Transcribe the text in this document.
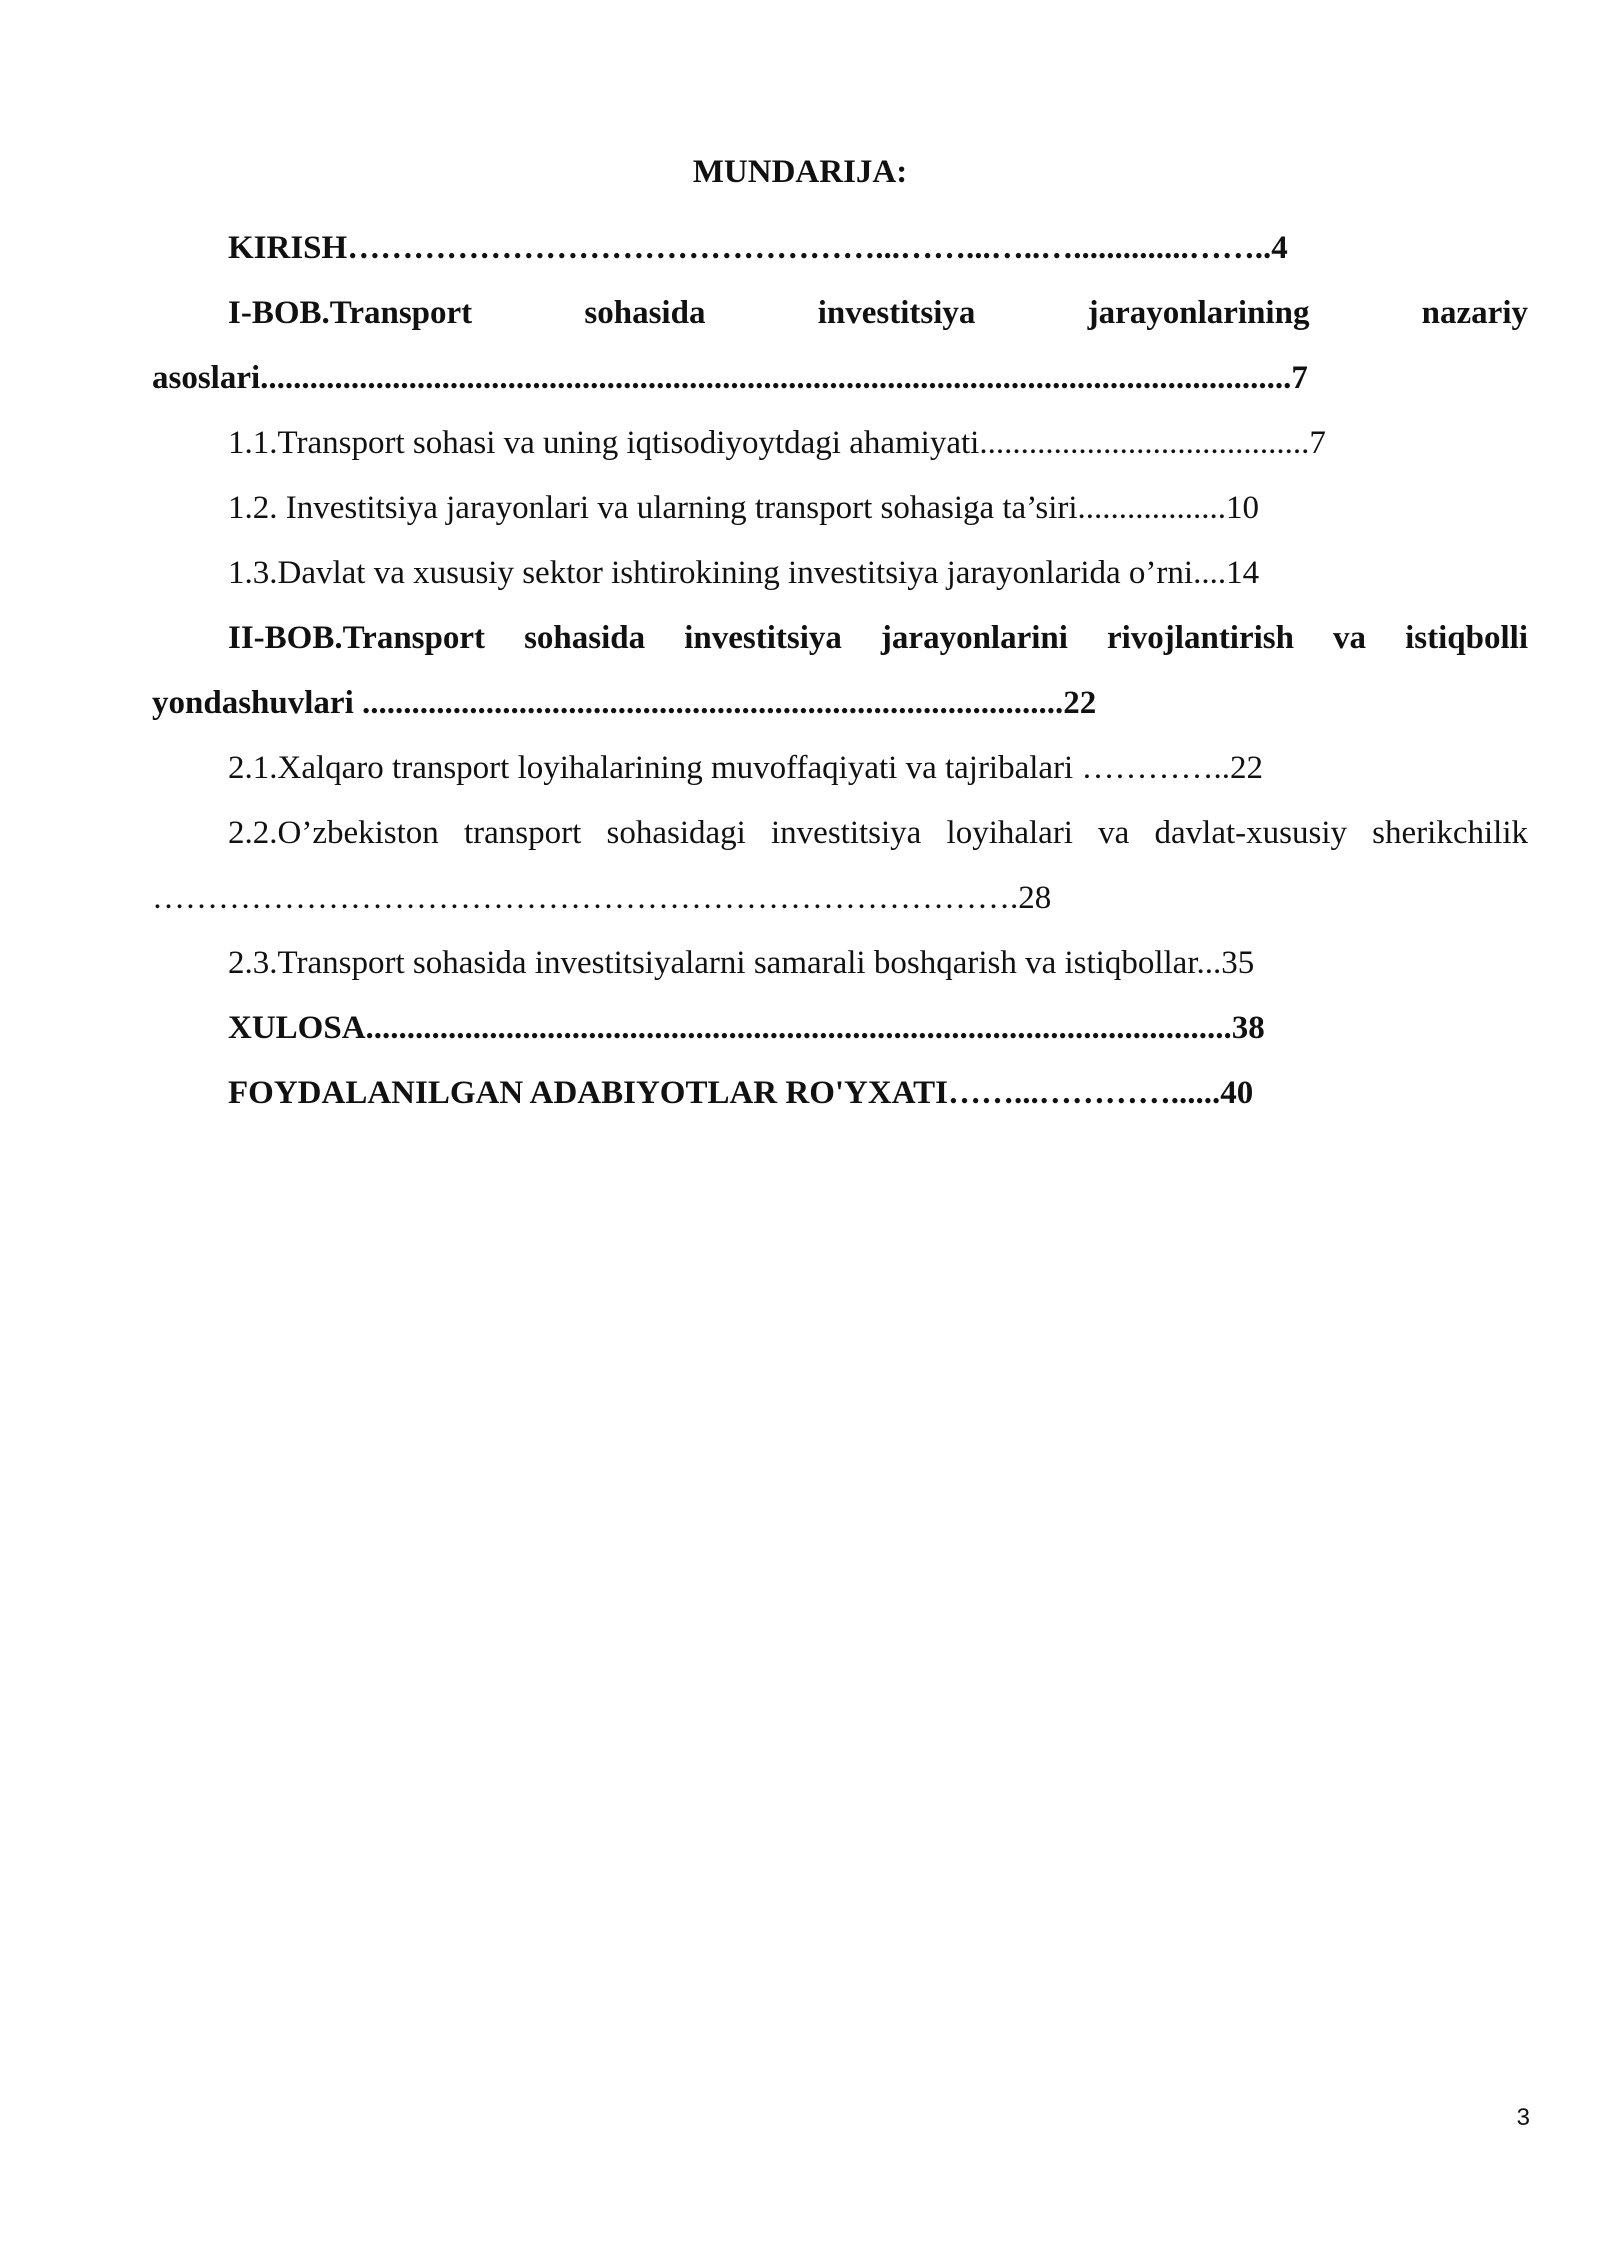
MUNDARIJA:

KIRISH…………………………………………...……...…..…..............……..4

I-BOB.Transport sohasida investitsiya jarayonlarining nazariy asoslari.............................................................................................................................7

1.1.Transport sohasi va uning iqtisodiyoytdagi ahamiyati........................................7

1.2. Investitsiya jarayonlari va ularning transport sohasiga ta’siri..................10

1.3.Davlat va xususiy sektor ishtirokining investitsiya jarayonlarida o’rni....14

II-BOB.Transport sohasida investitsiya jarayonlarini rivojlantirish va istiqbolli yondashuvlari .....................................................................................22

2.1.Xalqaro transport loyihalarining muvoffaqiyati va tajribalari …………..22

2.2.O’zbekiston transport sohasidagi investitsiya loyihalari va davlat-xususiy sherikchilik …………………………………………………………………….28

2.3.Transport sohasida investitsiyalarni samarali boshqarish va istiqbollar...35

XULOSA.........................................................................................................38

FOYDALANILGAN ADABIYOTLAR RO'YXATI……...…………......40

3
